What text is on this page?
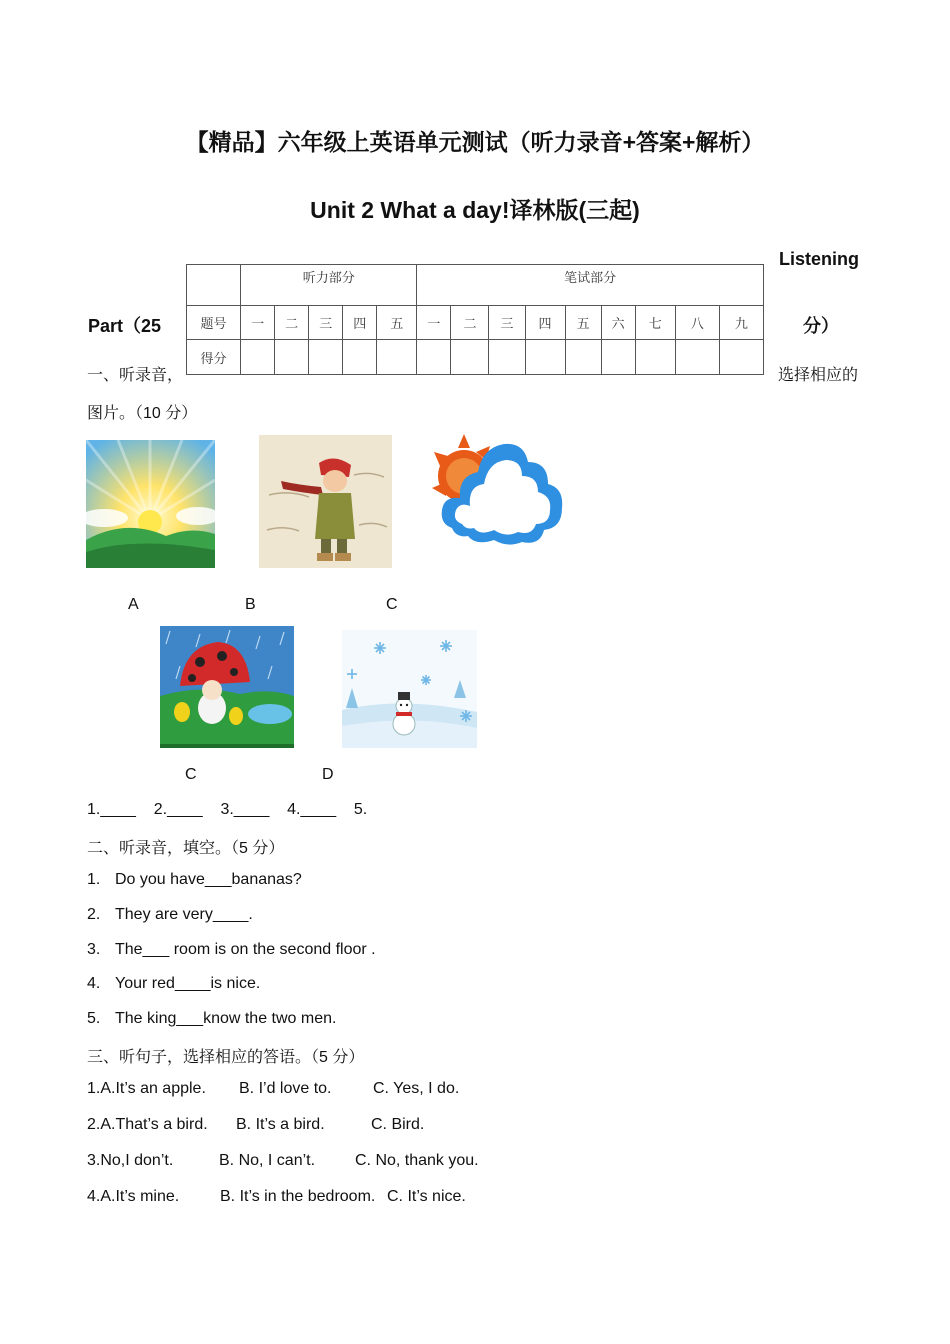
【精品】六年级上英语单元测试（听力录音+答案+解析）
Unit 2 What a day!译林版(三起)
Listening
Part（25	分）
	听力部分					笔试部分								
题号	一	二	三	四	五	一	二	三	四	五	六	七	八	九
得分														
一、听录音，	选择相应的
图片。（10 分）
A	B	C
C	D
1.____    2.____    3.____    4.____    5.
二、听录音，填空。（5 分）
1. Do you have___bananas?
2. They are very____.
3. The___ room is on the second floor .
4. Your red____is nice.
5. The king___know the two men.
三、听句子，选择相应的答语。（5 分）
1.A.It’s an apple. B. I’d love to.	C. Yes, I do.
2.A.That’s a bird. B. It’s a bird.	C. Bird.
3.No,I don’t.	B. No, I can’t. C. No, thank you.
4.A.It’s mine.	B. It’s in the bedroom. C. It’s nice.
